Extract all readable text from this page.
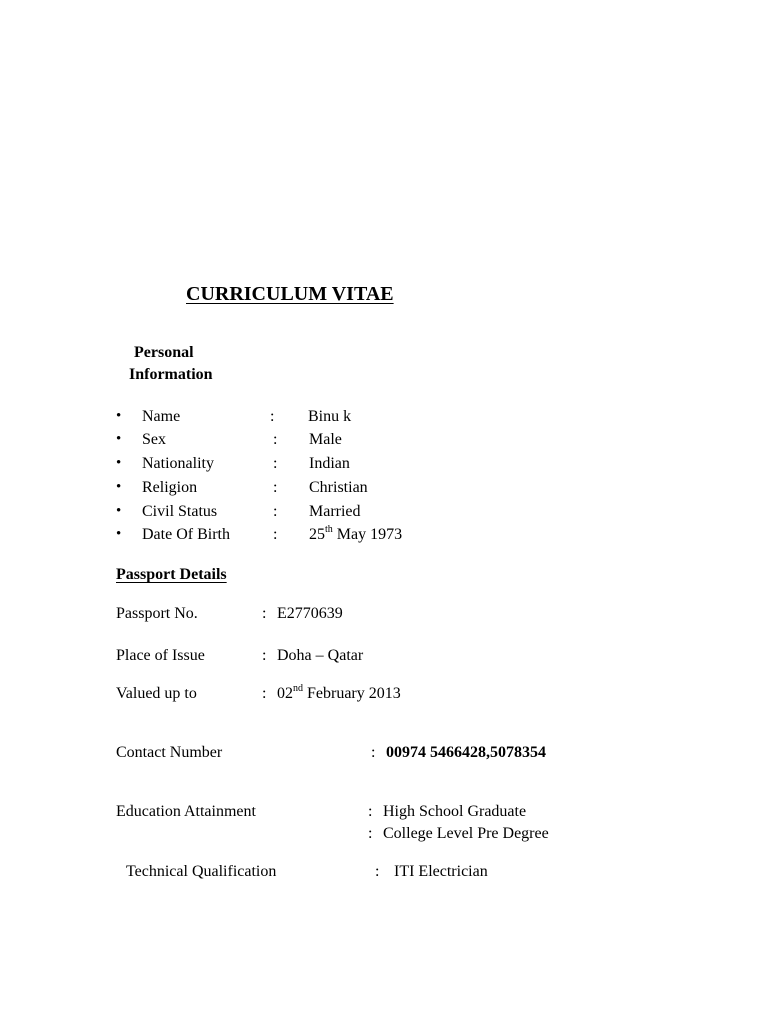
CURRICULUM VITAE
Personal
Information
• Name	: Binu k
• Sex	: Male
• Nationality	: Indian
• Religion	: Christian
• Civil Status	: Married
• Date Of Birth	: 25th May 1973
Passport Details
Passport No.	: E2770639
Place of Issue	: Doha – Qatar
Valued up to	: 02nd February 2013
Contact Number	: 00974 5466428,5078354
Education Attainment	: High School Graduate
: College Level Pre Degree
Technical Qualification	: ITI Electrician
